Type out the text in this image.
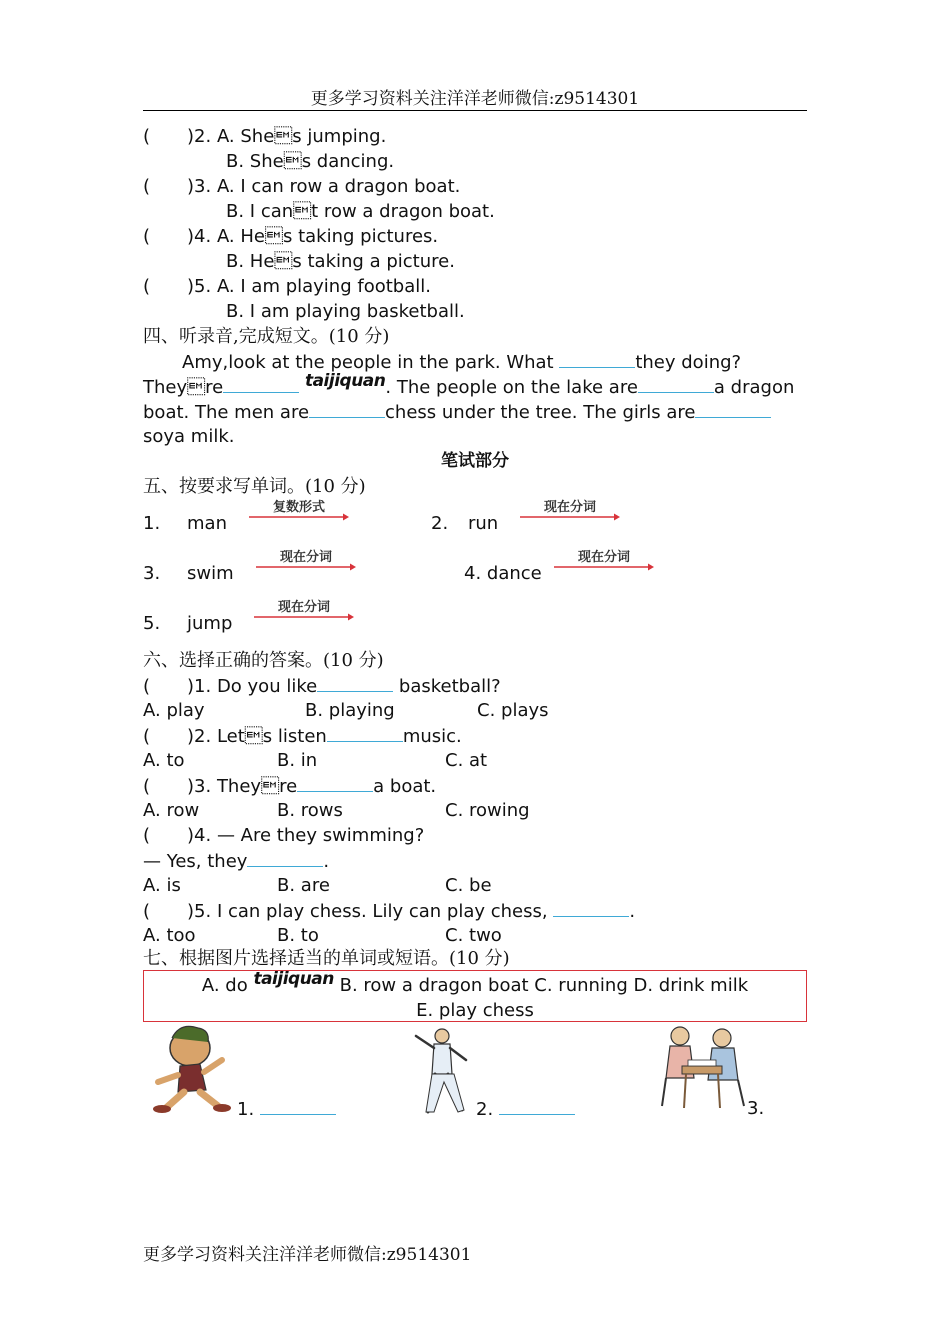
更多学习资料关注洋洋老师微信:z9514301
( )2. A. Shes jumping.
B. Shes dancing.
( )3. A. I can row a dragon boat.
B. I cant row a dragon boat.
( )4. A. Hes taking pictures.
B. Hes taking a picture.
( )5. A. I am playing football.
B. I am playing basketball.
四、听录音,完成短文。(10 分)
Amy,look at the people in the park. What	they doing?
Theyre	taijiquan. The people on the lake are	a dragon
boat. The men are	chess under the tree. The girls are
soya milk.
笔试部分
五、按要求写单词。(10 分)
1. man
复数形式
2. run
现在分词
3. swim
现在分词
4. dance
现在分词
5. jump
现在分词
六、选择正确的答案。(10 分)
( )1. Do you like	basketball?
A. play	B. playing	C. plays
( )2. Lets listen	music.
A. to	B. in	C. at
( )3. Theyre	a boat.
A. row	B. rows	C. rowing
( )4. — Are they swimming?
— Yes, they	.
A. is	B. are	C. be
( )5. I can play chess. Lily can play chess,	.
A. too	B. to	C. two
七、根据图片选择适当的单词或短语。(10 分)
A. do taijiquan B. row a dragon boat C. running D. drink milk
E. play chess
1.	2.	3.
更多学习资料关注洋洋老师微信:z9514301
